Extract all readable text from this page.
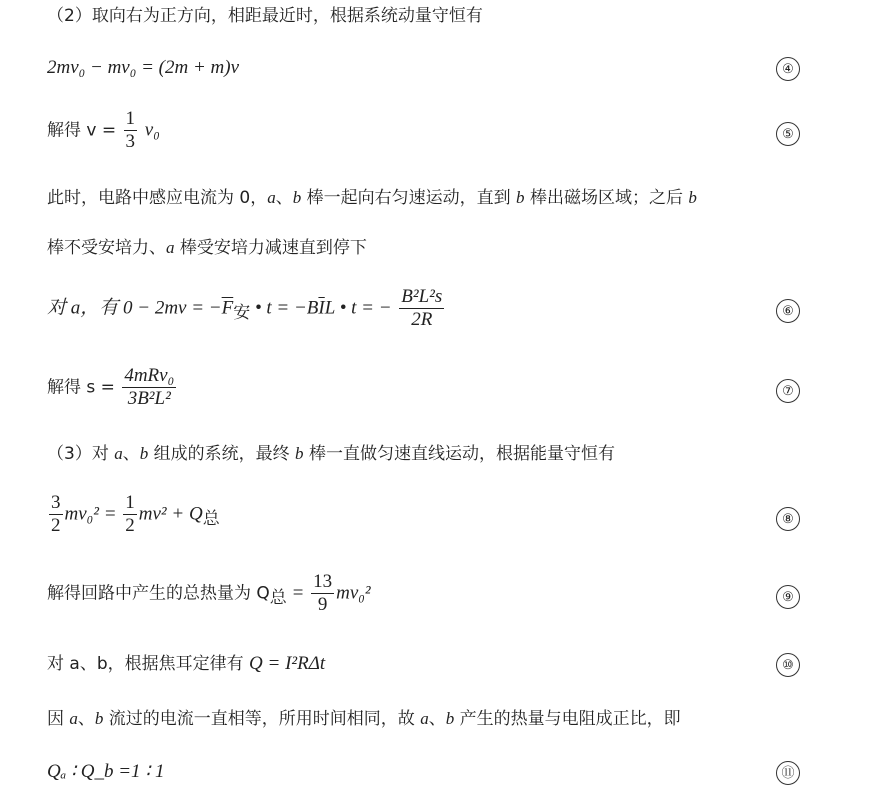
（2）取向右为正方向，相距最近时，根据系统动量守恒有
2mv₀ − mv₀ = (2m + m)v	④
解得 $v = \frac{1}{3} v_0$	⑤
此时，电路中感应电流为 0，a、b 棒一起向右匀速运动，直到 b 棒出磁场区域；之后 b
棒不受安培力、a 棒受安培力减速直到停下
对 a，有 $0 - 2mv = -\overline{F}_安$ • $t = -B\overline{I}L$ • t = − $\frac{\text{B²L²s}}{2R}$	⑥
解得 $s = \frac{\text{4mRv₀}}{\text{3B²L²}}$	⑦
（3）对 a、b 组成的系统，最终 b 棒一直做匀速直线运动，根据能量守恒有
$\frac{3}{2} mv_0^2 = \frac{1}{2} mv^2 + Q_总$	⑧
解得回路中产生的总热量为 $Q_总 = \frac{13}{9} mv_0^2$	⑨
对 a、b，根据焦耳定律有 Q = I²RΔt	⑩
因 a、b 流过的电流一直相等，所用时间相同，故 a、b 产生的热量与电阻成正比，即
Qₐ ∶ Q_b =1 ∶ 1	⑪
